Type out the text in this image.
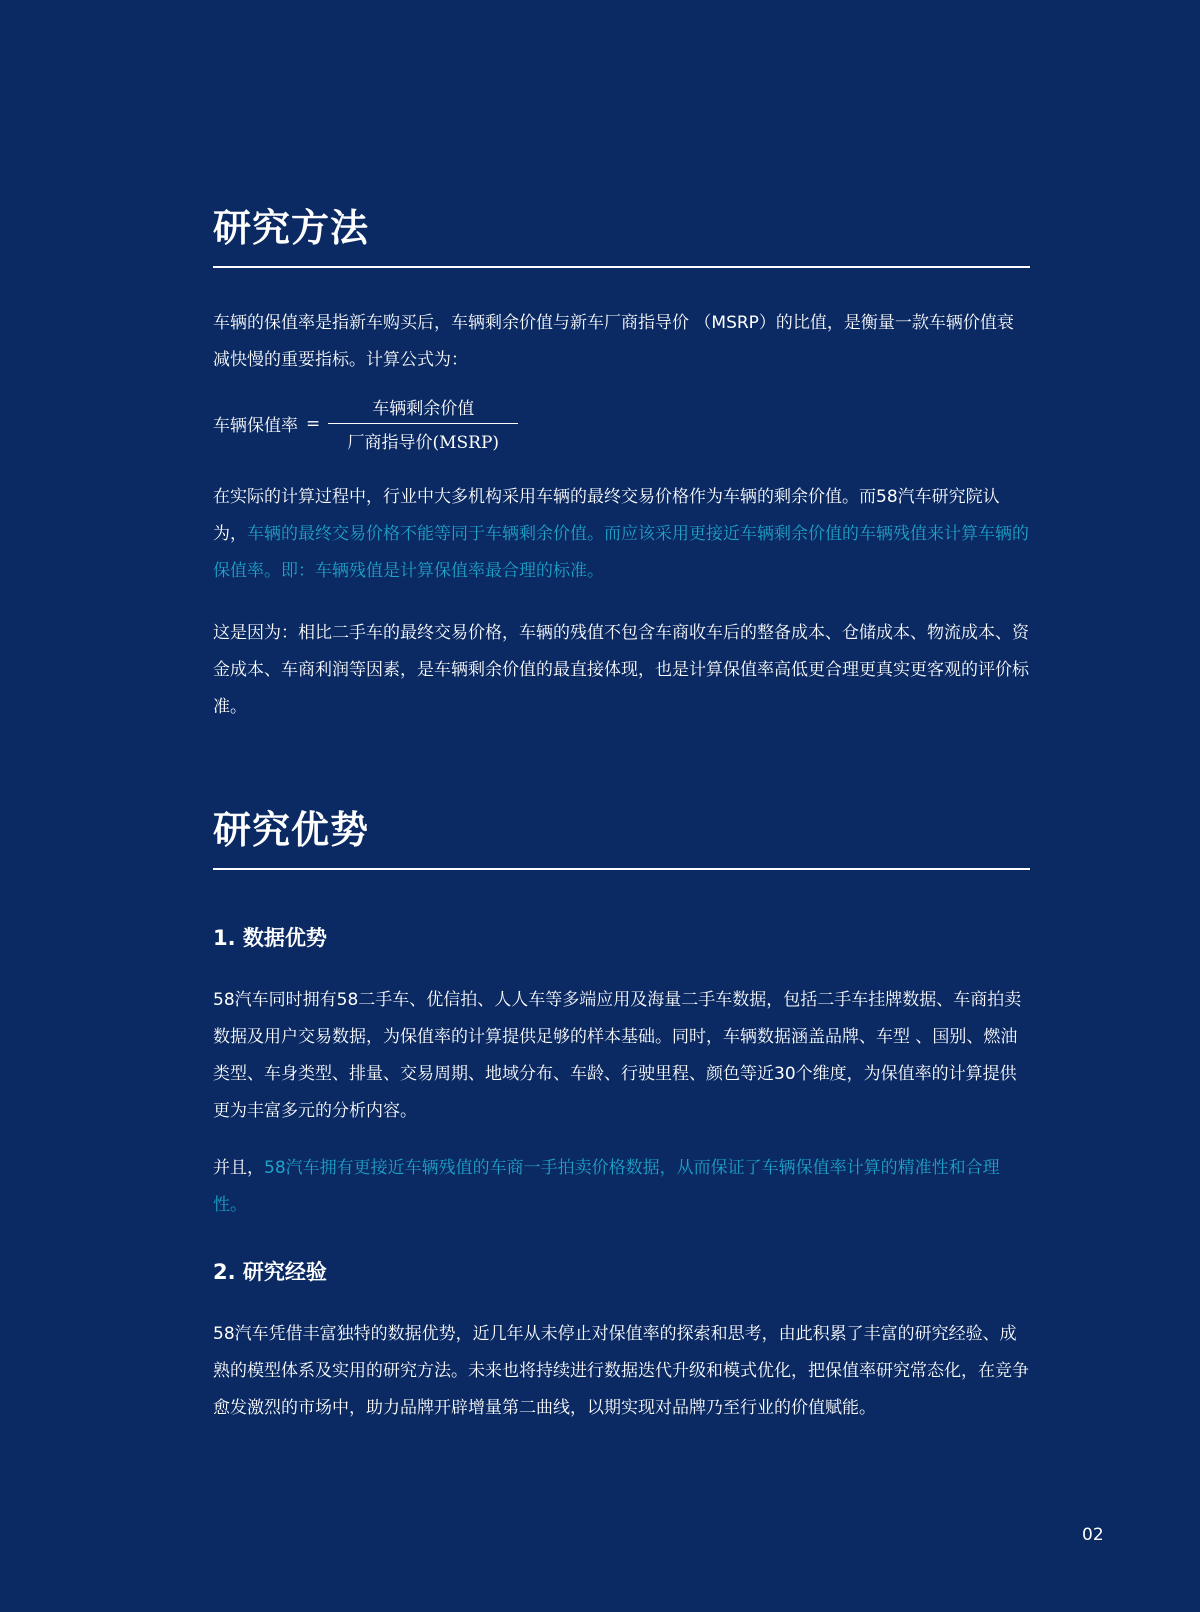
研究方法

车辆的保值率是指新车购买后，车辆剩余价值与新车厂商指导价 （MSRP）的比值，是衡量一款车辆价值衰减快慢的重要指标。计算公式为：

车辆保值率 = $\frac{\text{车辆剩余价值}}{\text{厂商指导价(MSRP)}}$

在实际的计算过程中，行业中大多机构采用车辆的最终交易价格作为车辆的剩余价值。而58汽车研究院认为，车辆的最终交易价格不能等同于车辆剩余价值。而应该采用更接近车辆剩余价值的车辆残值来计算车辆的保值率。即：车辆残值是计算保值率最合理的标准。

这是因为：相比二手车的最终交易价格，车辆的残值不包含车商收车后的整备成本、仓储成本、物流成本、资金成本、车商利润等因素，是车辆剩余价值的最直接体现，也是计算保值率高低更合理更真实更客观的评价标准。

研究优势
1. 数据优势

58汽车同时拥有58二手车、优信拍、人人车等多端应用及海量二手车数据，包括二手车挂牌数据、车商拍卖数据及用户交易数据，为保值率的计算提供足够的样本基础。同时，车辆数据涵盖品牌、车型 、国别、燃油类型、车身类型、排量、交易周期、地域分布、车龄、行驶里程、颜色等近30个维度，为保值率的计算提供更为丰富多元的分析内容。

并且，58汽车拥有更接近车辆残值的车商一手拍卖价格数据，从而保证了车辆保值率计算的精准性和合理性。

2. 研究经验

58汽车凭借丰富独特的数据优势，近几年从未停止对保值率的探索和思考，由此积累了丰富的研究经验、成熟的模型体系及实用的研究方法。未来也将持续进行数据迭代升级和模式优化，把保值率研究常态化，在竞争愈发激烈的市场中，助力品牌开辟增量第二曲线，以期实现对品牌乃至行业的价值赋能。

02
